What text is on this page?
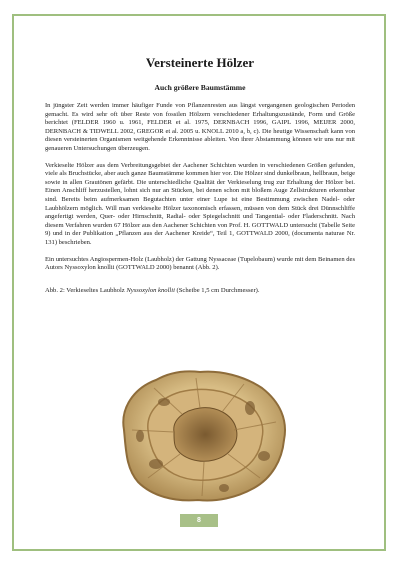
Versteinerte Hölzer
Auch größere Baumstämme

In jüngster Zeit werden immer häufiger Funde von Pflanzenresten aus längst vergangenen geologischen Perioden gemacht. Es wird sehr oft über Reste von fossilen Hölzern verschiedener Erhaltungszustände, Form und Größe berichtet (FELDER 1960 u. 1961, FELDER et al. 1975, DERNBACH 1996, GAIPL 1996, MEIJER 2000, DERNBACH & TIDWELL 2002, GREGOR et al. 2005 u. KNOLL 2010 a, b, c). Die heutige Wissenschaft kann von diesen versteinerten Organismen weitgehende Erkenntnisse ableiten. Von ihrer Abstammung können wir uns nur mit genaueren Untersuchungen überzeugen.

Verkieselte Hölzer aus dem Verbreitungsgebiet der Aachener Schichten wurden in verschiedenen Größen gefunden, viele als Bruchstücke, aber auch ganze Baumstämme kommen hier vor. Die Hölzer sind dunkelbraun, hellbraun, beige sowie in allen Grautönen gefärbt. Die unterschiedliche Qualität der Verkieselung trug zur Erhaltung der Hölzer bei. Einen Anschliff herzustellen, lohnt sich nur an Stücken, bei denen schon mit bloßem Auge Zellstrukturen erkennbar sind. Bereits beim aufmerksamen Begutachten unter einer Lupe ist eine Bestimmung zwischen Nadel- oder Laubhölzern möglich. Will man verkieselte Hölzer taxonomisch erfassen, müssen von dem Stück drei Dünnschliffe angefertigt werden, Quer- oder Hirnschnitt, Radial- oder Spiegelschnitt und Tangential- oder Fladerschnitt. Nach diesem Verfahren wurden 67 Hölzer aus den Aachener Schichten von Prof. H. GOTTWALD untersucht (Tabelle Seite 9) und in der Publikation „Pflanzen aus der Aachener Kreide“, Teil 1, GOTTWALD 2000, (documenta naturae Nr. 131) beschrieben.

Ein untersuchtes Angiospermen-Holz (Laubholz) der Gattung Nyssaceae (Tupelobaum) wurde mit dem Beinamen des Autors Nyssoxylon knollii (GOTTWALD 2000) benannt (Abb. 2).

Abb. 2: Verkieseltes Laubholz Nyssoxylon knollii (Scheibe 1,5 cm Durchmesser).
8
